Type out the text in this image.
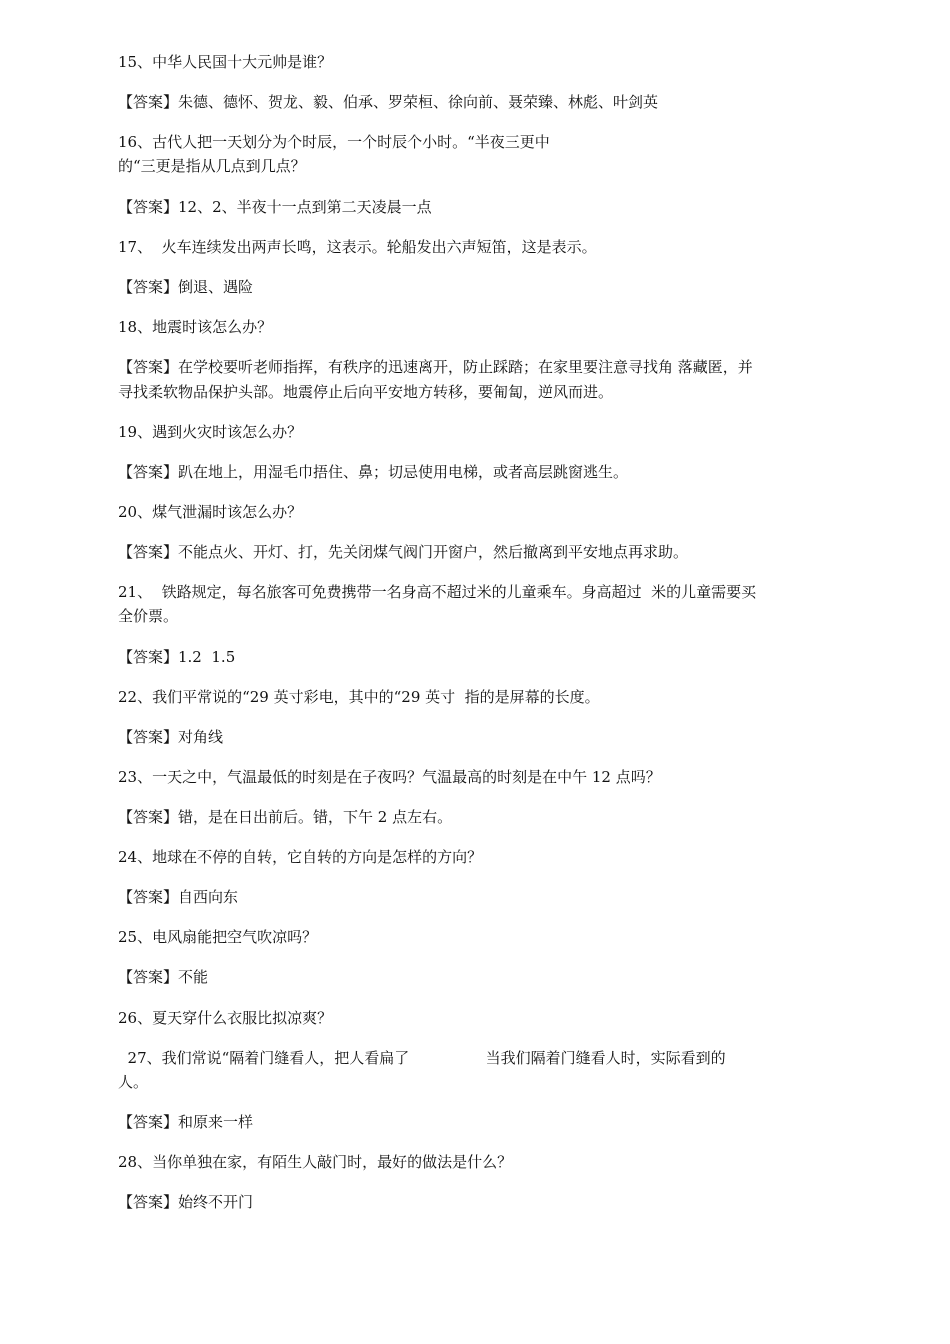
15、中华人民国十大元帅是谁？
【答案】朱德、德怀、贺龙、毅、伯承、罗荣桓、徐向前、聂荣臻、林彪、叶剑英
16、古代人把一天划分为个时辰，一个时辰个小时。“半夜三更中
的“三更是指从几点到几点？
【答案】12、2、半夜十一点到第二天凌晨一点
17、  火车连续发出两声长鸣，这表示。轮船发出六声短笛，这是表示。
【答案】倒退、遇险
18、地震时该怎么办？
【答案】在学校要听老师指挥，有秩序的迅速离开，防止踩踏；在家里要注意寻找角 落藏匿，并
寻找柔软物品保护头部。地震停止后向平安地方转移，要匍匐，逆风而进。
19、遇到火灾时该怎么办？
【答案】趴在地上，用湿毛巾捂住、鼻；切忌使用电梯，或者高层跳窗逃生。
20、煤气泄漏时该怎么办？
【答案】不能点火、开灯、打，先关闭煤气阀门开窗户，然后撤离到平安地点再求助。
21、  铁路规定，每名旅客可免费携带一名身高不超过米的儿童乘车。身高超过  米的儿童需要买
全价票。
【答案】1.2  1.5
22、我们平常说的“29 英寸彩电，其中的“29 英寸  指的是屏幕的长度。
【答案】对角线
23、一天之中，气温最低的时刻是在子夜吗？气温最高的时刻是在中午 12 点吗？
【答案】错，是在日出前后。错，下午 2 点左右。
24、地球在不停的自转，它自转的方向是怎样的方向？
【答案】自西向东
25、电风扇能把空气吹凉吗？
【答案】不能
26、夏天穿什么衣服比拟凉爽？
27、我们常说“隔着门缝看人，把人看扁了                当我们隔着门缝看人时，实际看到的
人。
【答案】和原来一样
28、当你单独在家，有陌生人敲门时，最好的做法是什么？
【答案】始终不开门
